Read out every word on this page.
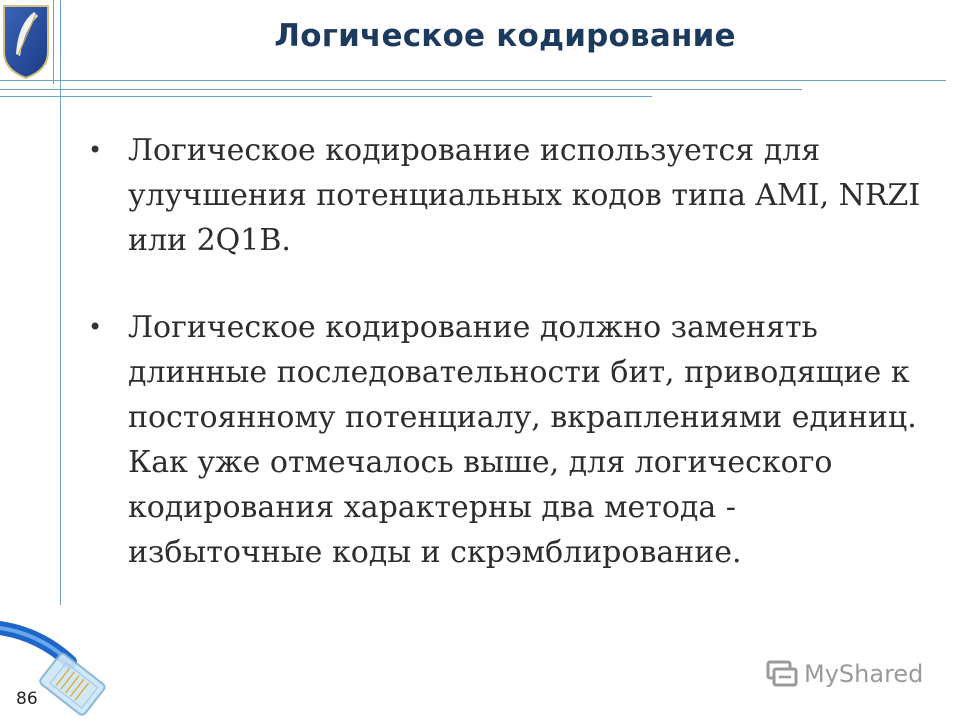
Логическое кодирование
• Логическое кодирование используется для улучшения потенциальных кодов типа AMI, NRZI или 2Q1B.
• Логическое кодирование должно заменять длинные последовательности бит, приводящие к постоянному потенциалу, вкраплениями единиц. Как уже отмечалось выше, для логического кодирования характерны два метода - избыточные коды и скрэмблирование.
86
MyShared
